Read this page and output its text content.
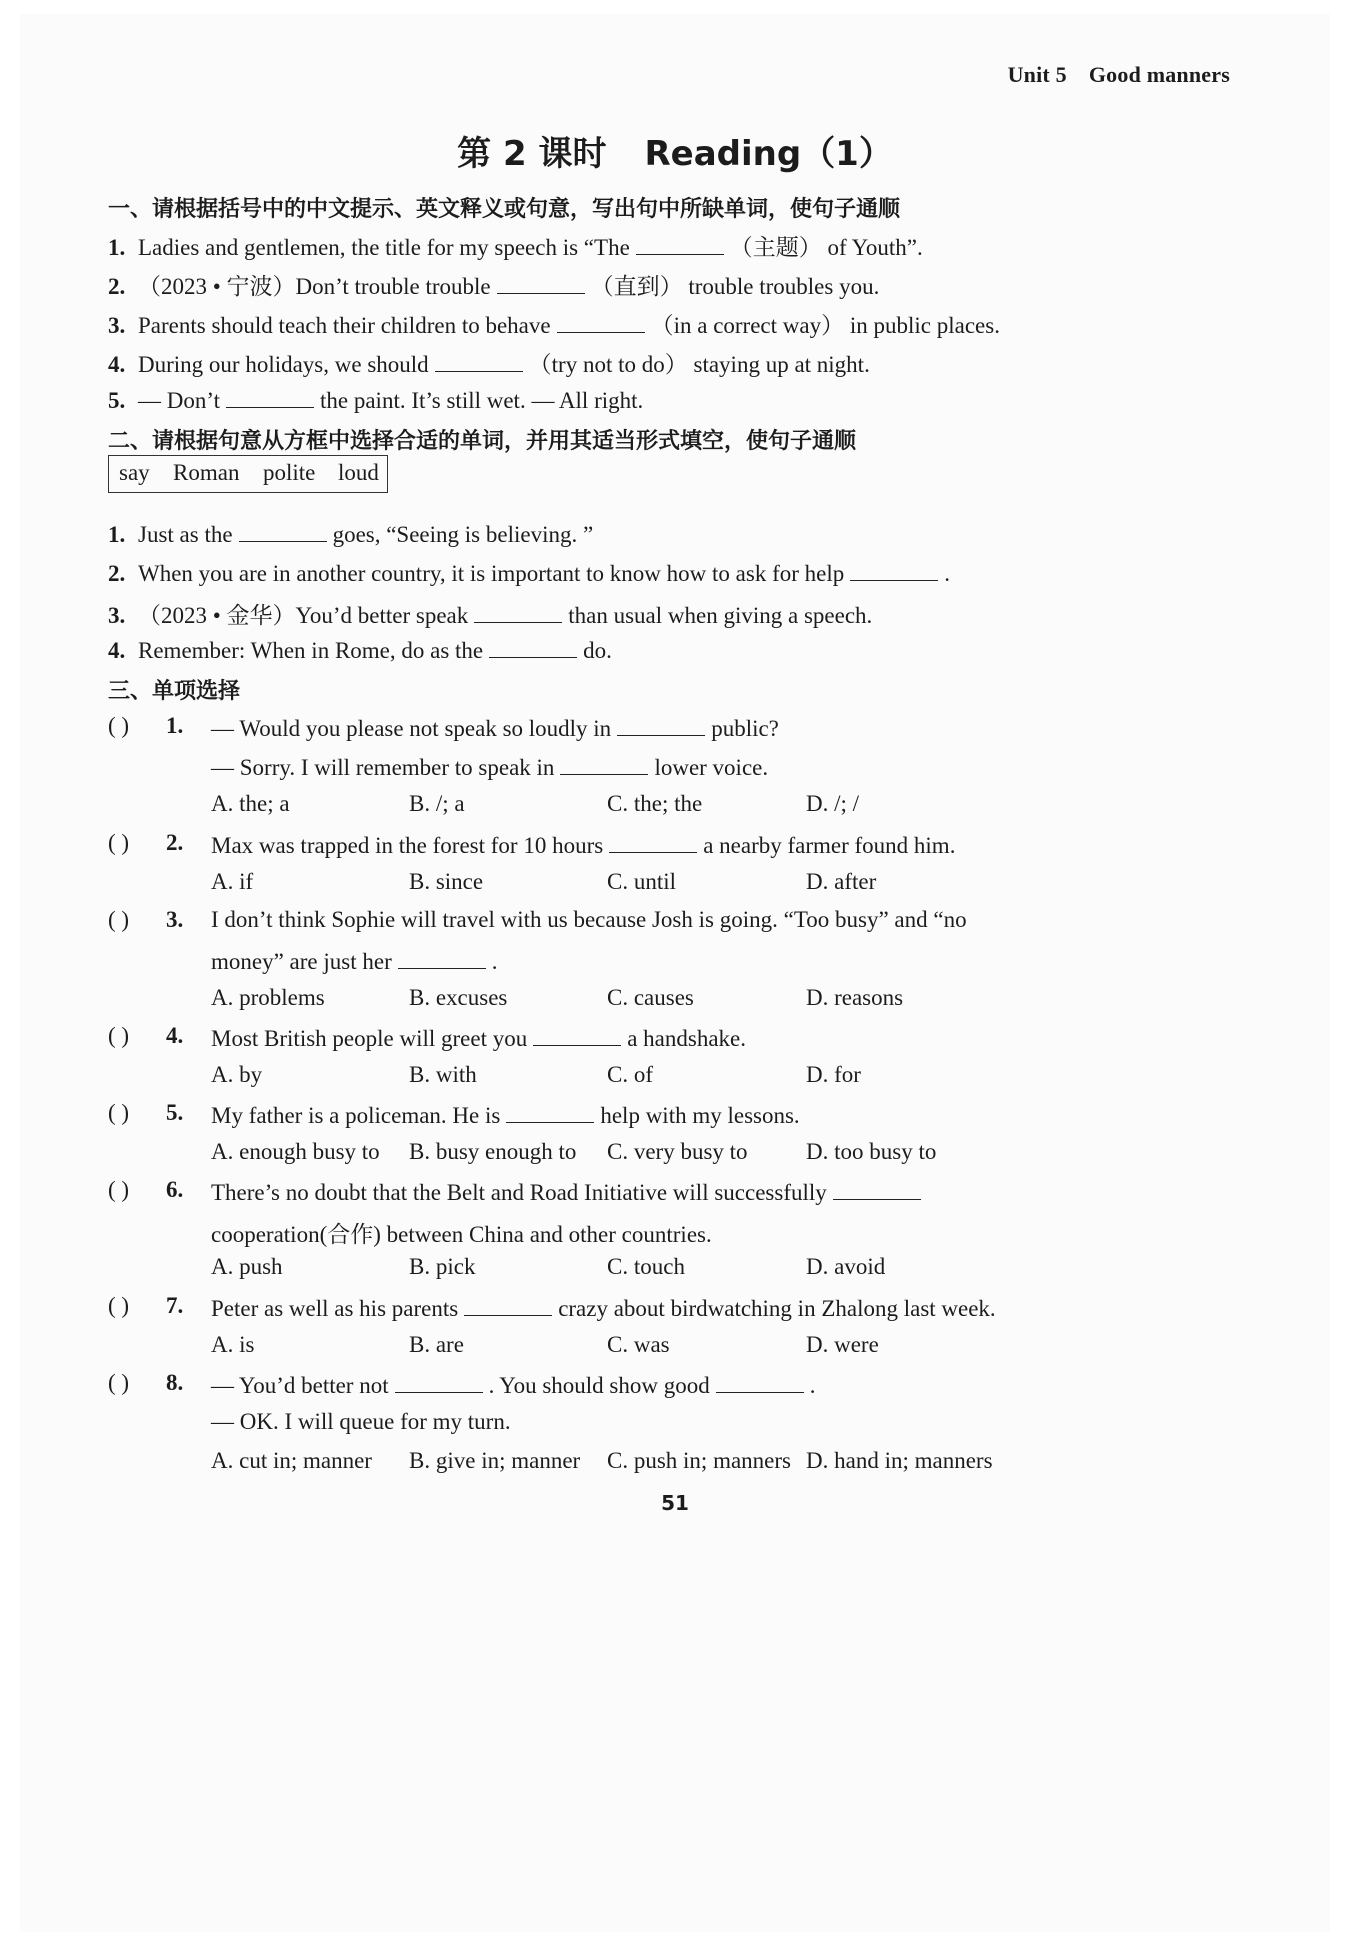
Unit 5 Good manners
第 2 课时 Reading（1）
一、请根据括号中的中文提示、英文释义或句意，写出句中所缺单词，使句子通顺
1. Ladies and gentlemen, the title for my speech is “The	（主题） of Youth”.
2. （2023 • 宁波）Don’t trouble trouble	（直到） trouble troubles you.
3. Parents should teach their children to behave	（in a correct way） in public places.
4. During our holidays, we should	（try not to do） staying up at night.
5. — Don’t	the paint. It’s still wet. — All right.
二、请根据句意从方框中选择合适的单词，并用其适当形式填空，使句子通顺
say Roman polite loud
1. Just as the	goes, “Seeing is believing. ”
2. When you are in another country, it is important to know how to ask for help	.
3. （2023 • 金华）You’d better speak	than usual when giving a speech.
4. Remember: When in Rome, do as the	do.
三、单项选择
( ) 1. — Would you please not speak so loudly in	public?
— Sorry. I will remember to speak in	lower voice.
A. the; a	B. /; a	C. the; the	D. /; /
( ) 2. Max was trapped in the forest for 10 hours	a nearby farmer found him.
A. if	B. since	C. until	D. after
( ) 3. I don’t think Sophie will travel with us because Josh is going. “Too busy” and “no
money” are just her	.
A. problems	B. excuses	C. causes	D. reasons
( ) 4. Most British people will greet you	a handshake.
A. by	B. with	C. of	D. for
( ) 5. My father is a policeman. He is	help with my lessons.
A. enough busy to B. busy enough to C. very busy to	D. too busy to
( ) 6. There’s no doubt that the Belt and Road Initiative will successfully
cooperation(合作) between China and other countries.
A. push	B. pick	C. touch	D. avoid
( ) 7. Peter as well as his parents	crazy about birdwatching in Zhalong last week.
A. is	B. are	C. was	D. were
( ) 8. — You’d better not	. You should show good	.
— OK. I will queue for my turn.
A. cut in; manner B. give in; manner C. push in; manners D. hand in; manners
51
